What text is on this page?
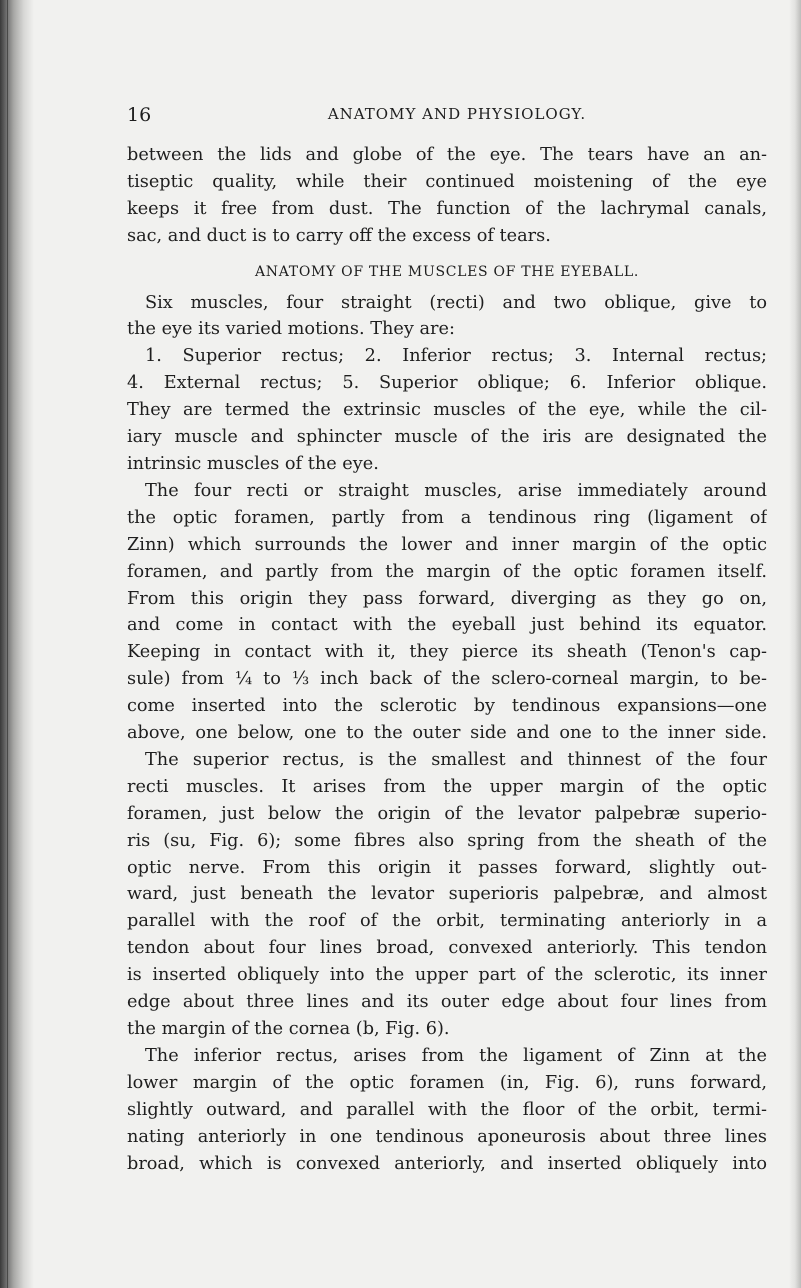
16	ANATOMY AND PHYSIOLOGY.
between the lids and globe of the eye. The tears have an an-
tiseptic quality, while their continued moistening of the eye
keeps it free from dust. The function of the lachrymal canals,
sac, and duct is to carry off the excess of tears.
ANATOMY OF THE MUSCLES OF THE EYEBALL.
Six muscles, four straight (recti) and two oblique, give to
the eye its varied motions. They are:
1. Superior rectus; 2. Inferior rectus; 3. Internal rectus;
4. External rectus; 5. Superior oblique; 6. Inferior oblique.
They are termed the extrinsic muscles of the eye, while the cil-
iary muscle and sphincter muscle of the iris are designated the
intrinsic muscles of the eye.
The four recti or straight muscles, arise immediately around
the optic foramen, partly from a tendinous ring (ligament of
Zinn) which surrounds the lower and inner margin of the optic
foramen, and partly from the margin of the optic foramen itself.
From this origin they pass forward, diverging as they go on,
and come in contact with the eyeball just behind its equator.
Keeping in contact with it, they pierce its sheath (Tenon's cap-
sule) from ¼ to ⅓ inch back of the sclero-corneal margin, to be-
come inserted into the sclerotic by tendinous expansions—one
above, one below, one to the outer side and one to the inner side.
The superior rectus, is the smallest and thinnest of the four
recti muscles. It arises from the upper margin of the optic
foramen, just below the origin of the levator palpebræ superio-
ris (su, Fig. 6); some fibres also spring from the sheath of the
optic nerve. From this origin it passes forward, slightly out-
ward, just beneath the levator superioris palpebræ, and almost
parallel with the roof of the orbit, terminating anteriorly in a
tendon about four lines broad, convexed anteriorly. This tendon
is inserted obliquely into the upper part of the sclerotic, its inner
edge about three lines and its outer edge about four lines from
the margin of the cornea (b, Fig. 6).
The inferior rectus, arises from the ligament of Zinn at the
lower margin of the optic foramen (in, Fig. 6), runs forward,
slightly outward, and parallel with the floor of the orbit, termi-
nating anteriorly in one tendinous aponeurosis about three lines
broad, which is convexed anteriorly, and inserted obliquely into
